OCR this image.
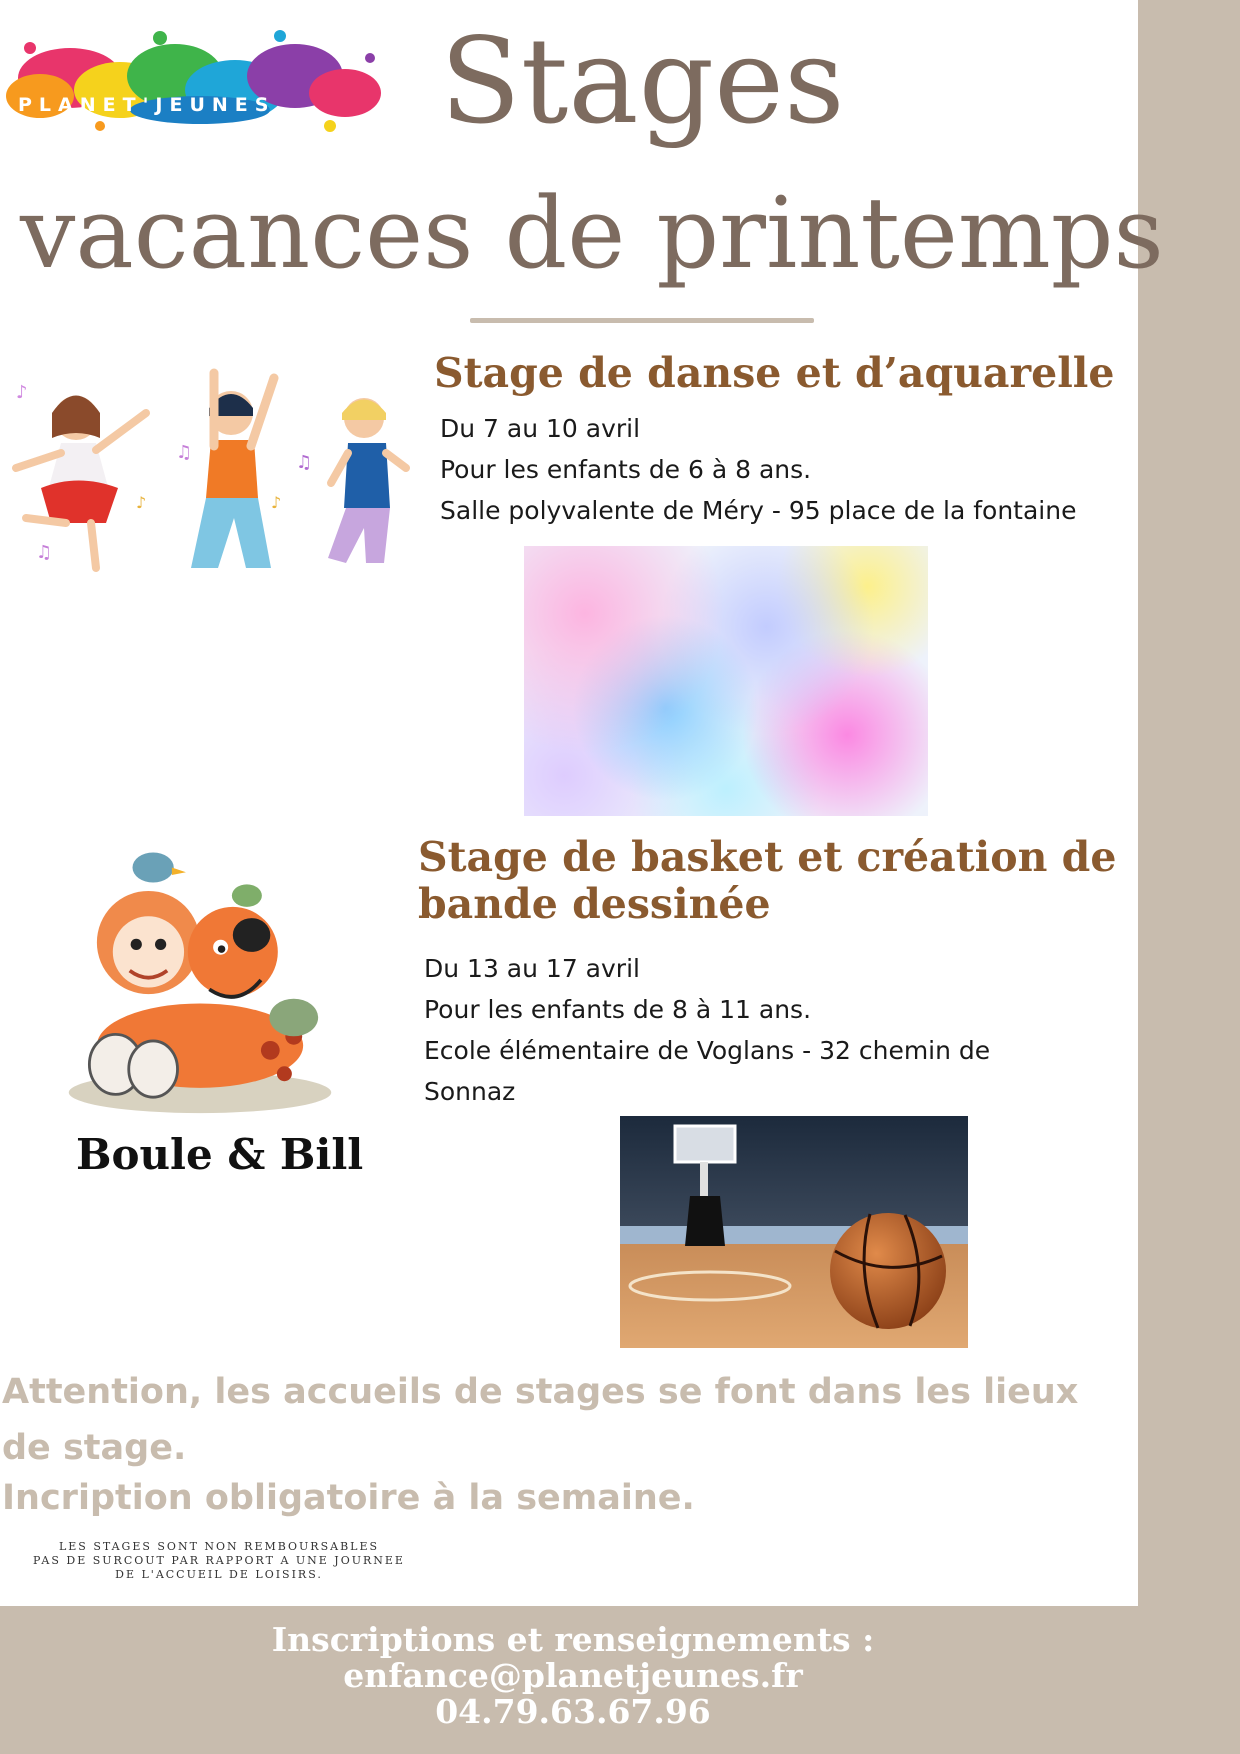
PLANET'JEUNES	Stages
vacances de printemps
♪
♫	♫
♫
♪
♪
Stage de danse et d’aquarelle
Du 7 au 10 avril
Pour les enfants de 6 à 8 ans.
Salle polyvalente de Méry - 95 place de la fontaine
Boule & Bill
Stage de basket et création de bande dessinée
Du 13 au 17 avril
Pour les enfants de 8 à 11 ans.
Ecole élémentaire de Voglans - 32 chemin de Sonnaz
Attention, les accueils de stages se font dans les lieux de stage.
Incription obligatoire à la semaine.
LES STAGES SONT NON REMBOURSABLES
PAS DE SURCOUT PAR RAPPORT A UNE JOURNEE
DE L'ACCUEIL DE LOISIRS.
Inscriptions et renseignements :
enfance@planetjeunes.fr
04.79.63.67.96
